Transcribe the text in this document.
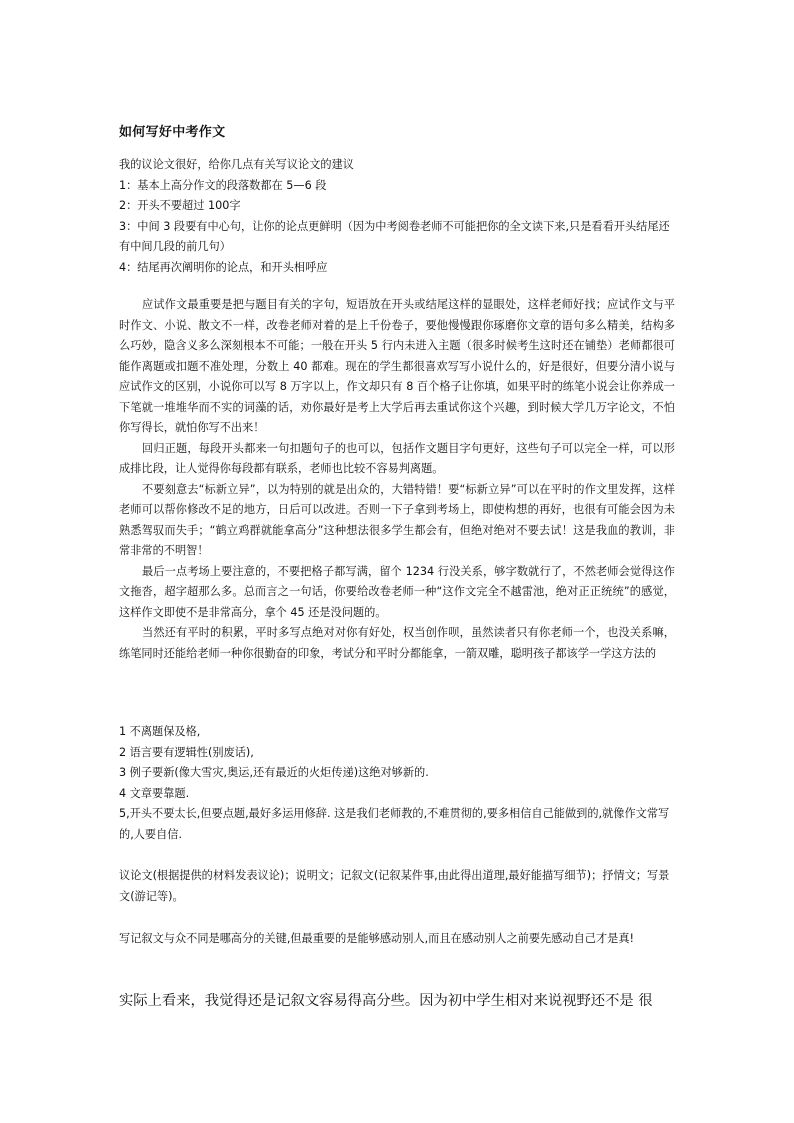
如何写好中考作文

我的议论文很好，给你几点有关写议论文的建议

1：基本上高分作文的段落数都在 5—6 段

2：开头不要超过 100字

3：中间 3 段要有中心句，让你的论点更鲜明（因为中考阅卷老师不可能把你的全文读下来,只是看看开头结尾还有中间几段的前几句）

4：结尾再次阐明你的论点，和开头相呼应

应试作文最重要是把与题目有关的字句，短语放在开头或结尾这样的显眼处，这样老师好找；应试作文与平时作文、小说、散文不一样，改卷老师对着的是上千份卷子，要他慢慢跟你琢磨你文章的语句多么精美，结构多么巧妙，隐含义多么深刻根本不可能；一般在开头 5 行内未进入主题（很多时候考生这时还在铺垫）老师都很可能作离题或扣题不准处理，分数上 40 都难。现在的学生都很喜欢写写小说什么的，好是很好，但要分清小说与应试作文的区别，小说你可以写 8 万字以上，作文却只有 8 百个格子让你填，如果平时的练笔小说会让你养成一下笔就一堆堆华而不实的词藻的话，劝你最好是考上大学后再去重试你这个兴趣，到时候大学几万字论文，不怕你写得长，就怕你写不出来！

回归正题，每段开头都来一句扣题句子的也可以，包括作文题目字句更好，这些句子可以完全一样，可以形成排比段，让人觉得你每段都有联系，老师也比较不容易判离题。

不要刻意去“标新立异”，以为特别的就是出众的，大错特错！要“标新立异”可以在平时的作文里发挥，这样老师可以帮你修改不足的地方，日后可以改进。否则一下子拿到考场上，即使构想的再好，也很有可能会因为未熟悉驾驭而失手；“鹤立鸡群就能拿高分”这种想法很多学生都会有，但绝对绝对不要去试！这是我血的教训，非常非常的不明智！

最后一点考场上要注意的，不要把格子都写满，留个 1234 行没关系，够字数就行了，不然老师会觉得这作文拖沓，超字超那么多。总而言之一句话，你要给改卷老师一种“这作文完全不越雷池，绝对正正统统”的感觉，这样作文即使不是非常高分，拿个 45 还是没问题的。

当然还有平时的积累，平时多写点绝对对你有好处，权当创作呗，虽然读者只有你老师一个，也没关系嘛，练笔同时还能给老师一种你很勤奋的印象，考试分和平时分都能拿，一箭双雕，聪明孩子都该学一学这方法的

1 不离题保及格,

2 语言要有逻辑性(别废话),

3 例子要新(像大雪灾,奥运,还有最近的火炬传递)这绝对够新的.

4 文章要靠题.

5,开头不要太长,但要点题,最好多运用修辞. 这是我们老师教的,不难贯彻的,要多相信自己能做到的,就像作文常写的,人要自信.

议论文(根据提供的材料发表议论)；说明文；记叙文(记叙某件事,由此得出道理,最好能描写细节)；抒情文；写景文(游记等)。

写记叙文与众不同是哪高分的关键,但最重要的是能够感动别人,而且在感动别人之前要先感动自己才是真!

实际上看来，我觉得还是记叙文容易得高分些。因为初中学生相对来说视野还不是 很
